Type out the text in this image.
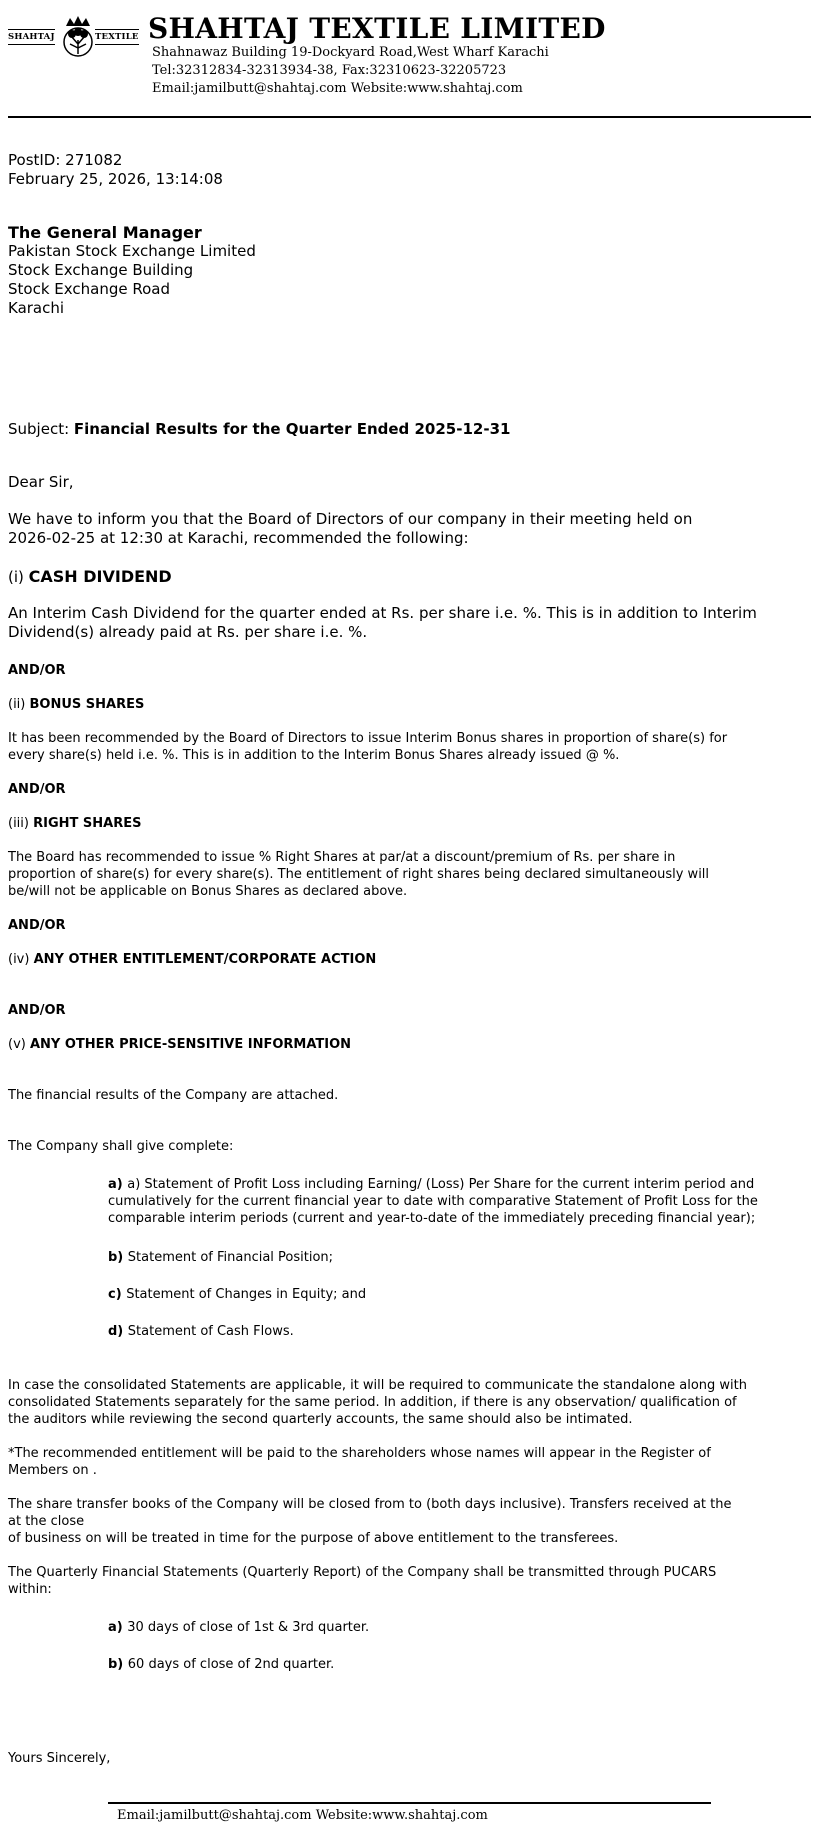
SHAHTAJ	TEXTILE SHAHTAJ TEXTILE LIMITED
Shahnawaz Building 19-Dockyard Road,West Wharf Karachi
Tel:32312834-32313934-38, Fax:32310623-32205723
Email:jamilbutt@shahtaj.com Website:www.shahtaj.com
PostID: 271082
February 25, 2026, 13:14:08
The General Manager
Pakistan Stock Exchange Limited
Stock Exchange Building
Stock Exchange Road
Karachi
Subject: Financial Results for the Quarter Ended 2025-12-31
Dear Sir,
We have to inform you that the Board of Directors of our company in their meeting held on
2026-02-25 at 12:30 at Karachi, recommended the following:
(i) CASH DIVIDEND
An Interim Cash Dividend for the quarter ended at Rs. per share i.e. %. This is in addition to Interim
Dividend(s) already paid at Rs. per share i.e. %.
AND/OR
(ii) BONUS SHARES
It has been recommended by the Board of Directors to issue Interim Bonus shares in proportion of share(s) for
every share(s) held i.e. %. This is in addition to the Interim Bonus Shares already issued @ %.
AND/OR
(iii) RIGHT SHARES
The Board has recommended to issue % Right Shares at par/at a discount/premium of Rs. per share in
proportion of share(s) for every share(s). The entitlement of right shares being declared simultaneously will
be/will not be applicable on Bonus Shares as declared above.
AND/OR
(iv) ANY OTHER ENTITLEMENT/CORPORATE ACTION
AND/OR
(v) ANY OTHER PRICE-SENSITIVE INFORMATION
The financial results of the Company are attached.
The Company shall give complete:
a) a) Statement of Profit Loss including Earning/ (Loss) Per Share for the current interim period and
cumulatively for the current financial year to date with comparative Statement of Profit Loss for the
comparable interim periods (current and year-to-date of the immediately preceding financial year);
b) Statement of Financial Position;
c) Statement of Changes in Equity; and
d) Statement of Cash Flows.
In case the consolidated Statements are applicable, it will be required to communicate the standalone along with
consolidated Statements separately for the same period. In addition, if there is any observation/ qualification of
the auditors while reviewing the second quarterly accounts, the same should also be intimated.
*The recommended entitlement will be paid to the shareholders whose names will appear in the Register of
Members on .
The share transfer books of the Company will be closed from to (both days inclusive). Transfers received at the
at the close
of business on will be treated in time for the purpose of above entitlement to the transferees.
The Quarterly Financial Statements (Quarterly Report) of the Company shall be transmitted through PUCARS
within:
a) 30 days of close of 1st & 3rd quarter.
b) 60 days of close of 2nd quarter.
Yours Sincerely,
Email:jamilbutt@shahtaj.com Website:www.shahtaj.com
